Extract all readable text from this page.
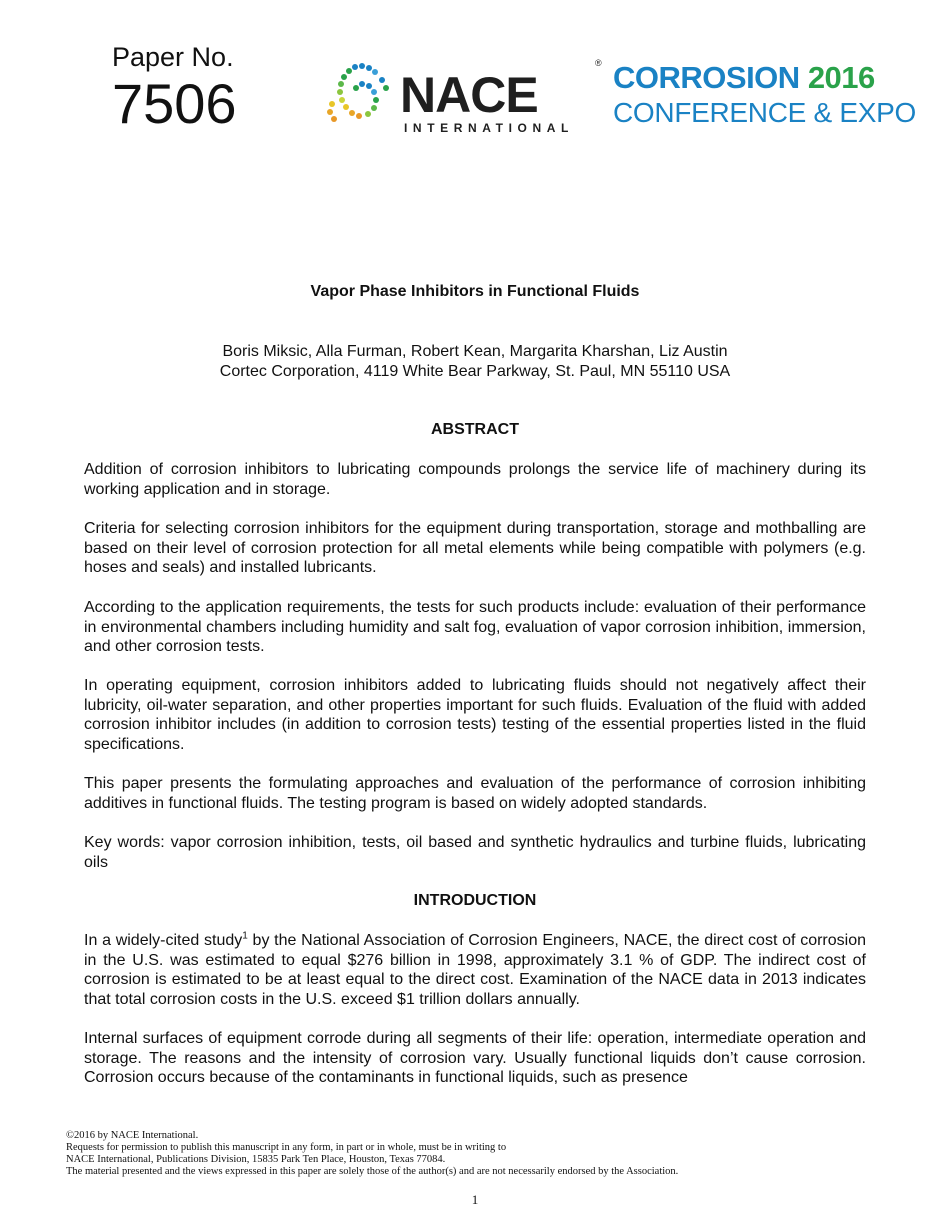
Paper No.
7506	NACE
®
INTERNATIONAL
CORROSION 2016
CONFERENCE & EXPO
Vapor Phase Inhibitors in Functional Fluids
Boris Miksic, Alla Furman, Robert Kean, Margarita Kharshan, Liz Austin
Cortec Corporation, 4119 White Bear Parkway, St. Paul, MN 55110 USA
ABSTRACT

Addition of corrosion inhibitors to lubricating compounds prolongs the service life of machinery during its working application and in storage.

Criteria for selecting corrosion inhibitors for the equipment during transportation, storage and mothballing are based on their level of corrosion protection for all metal elements while being compatible with polymers (e.g. hoses and seals) and installed lubricants.

According to the application requirements, the tests for such products include: evaluation of their performance in environmental chambers including humidity and salt fog, evaluation of vapor corrosion inhibition, immersion, and other corrosion tests.

In operating equipment, corrosion inhibitors added to lubricating fluids should not negatively affect their lubricity, oil-water separation, and other properties important for such fluids. Evaluation of the fluid with added corrosion inhibitor includes (in addition to corrosion tests) testing of the essential properties listed in the fluid specifications.

This paper presents the formulating approaches and evaluation of the performance of corrosion inhibiting additives in functional fluids. The testing program is based on widely adopted standards.

Key words: vapor corrosion inhibition, tests, oil based and synthetic hydraulics and turbine fluids, lubricating oils

INTRODUCTION

In a widely-cited study$^1$ by the National Association of Corrosion Engineers, NACE, the direct cost of corrosion in the U.S. was estimated to equal $276 billion in 1998, approximately 3.1 % of GDP. The indirect cost of corrosion is estimated to be at least equal to the direct cost. Examination of the NACE data in 2013 indicates that total corrosion costs in the U.S. exceed $1 trillion dollars annually.

Internal surfaces of equipment corrode during all segments of their life: operation, intermediate operation and storage. The reasons and the intensity of corrosion vary. Usually functional liquids don’t cause corrosion. Corrosion occurs because of the contaminants in functional liquids, such as presence

©2016 by NACE International.
Requests for permission to publish this manuscript in any form, in part or in whole, must be in writing to
NACE International, Publications Division, 15835 Park Ten Place, Houston, Texas 77084.
The material presented and the views expressed in this paper are solely those of the author(s) and are not necessarily endorsed by the Association.
1
